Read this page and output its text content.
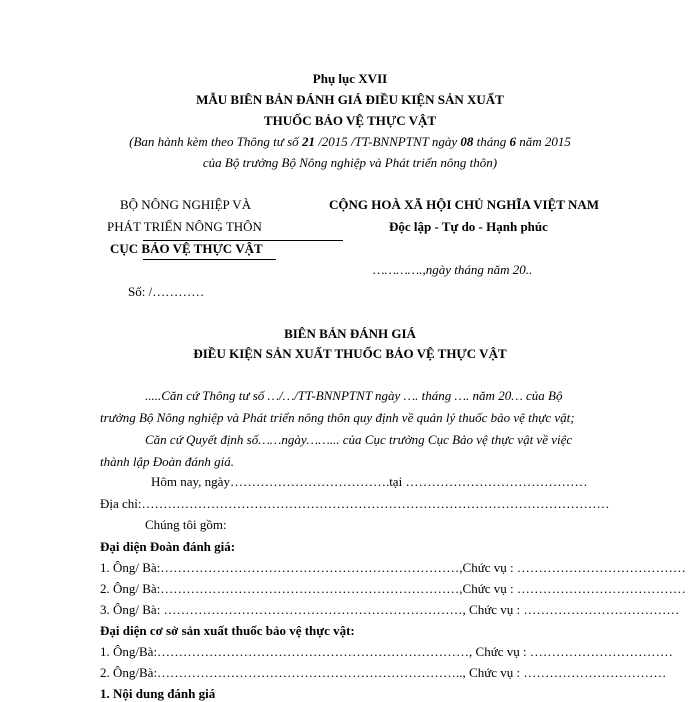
Phụ lục XVII
MẪU BIÊN BẢN ĐÁNH GIÁ ĐIỀU KIỆN SẢN XUẤT
THUỐC BẢO VỆ THỰC VẬT
(Ban hành kèm theo Thông tư số 21 /2015 /TT-BNNPTNT ngày 08 tháng 6 năm 2015
của Bộ trưởng Bộ Nông nghiệp và Phát triển nông thôn)
BỘ NÔNG NGHIỆP VÀ
PHÁT TRIỂN NÔNG THÔN
CỤC BẢO VỆ THỰC VẬT
Số: /…………
CỘNG HOÀ XÃ HỘI CHỦ NGHĨA VIỆT NAM
Độc lập - Tự do - Hạnh phúc
………….,ngày tháng năm 20..
BIÊN BẢN ĐÁNH GIÁ
ĐIỀU KIỆN SẢN XUẤT THUỐC BẢO VỆ THỰC VẬT
.....Căn cứ Thông tư số …/…/TT-BNNPTNT ngày …. tháng …. năm 20… của Bộ
trưởng Bộ Nông nghiệp và Phát triển nông thôn quy định về quản lý thuốc bảo vệ thực vật;
Căn cứ Quyết định số……ngày……... của Cục trưởng Cục Bảo vệ thực vật về việc
thành lập Đoàn đánh giá.
Hôm nay, ngày……………………………….tại ……………………………………
Địa chỉ:………………………………………………………………………………………………
Chúng tôi gồm:
Đại diện Đoàn đánh giá:
1. Ông/ Bà:……………………………………………………………,Chức vụ : …………………………………
2. Ông/ Bà:……………………………………………………………,Chức vụ : …………………………………
3. Ông/ Bà: ……………………………………………………………, Chức vụ : ………………………………
Đại diện cơ sở sản xuất thuốc bảo vệ thực vật:
1. Ông/Bà:………………………………………………………………, Chức vụ : ……………………………
2. Ông/Bà:…………………………………………………………….., Chức vụ : ……………………………
1. Nội dung đánh giá
